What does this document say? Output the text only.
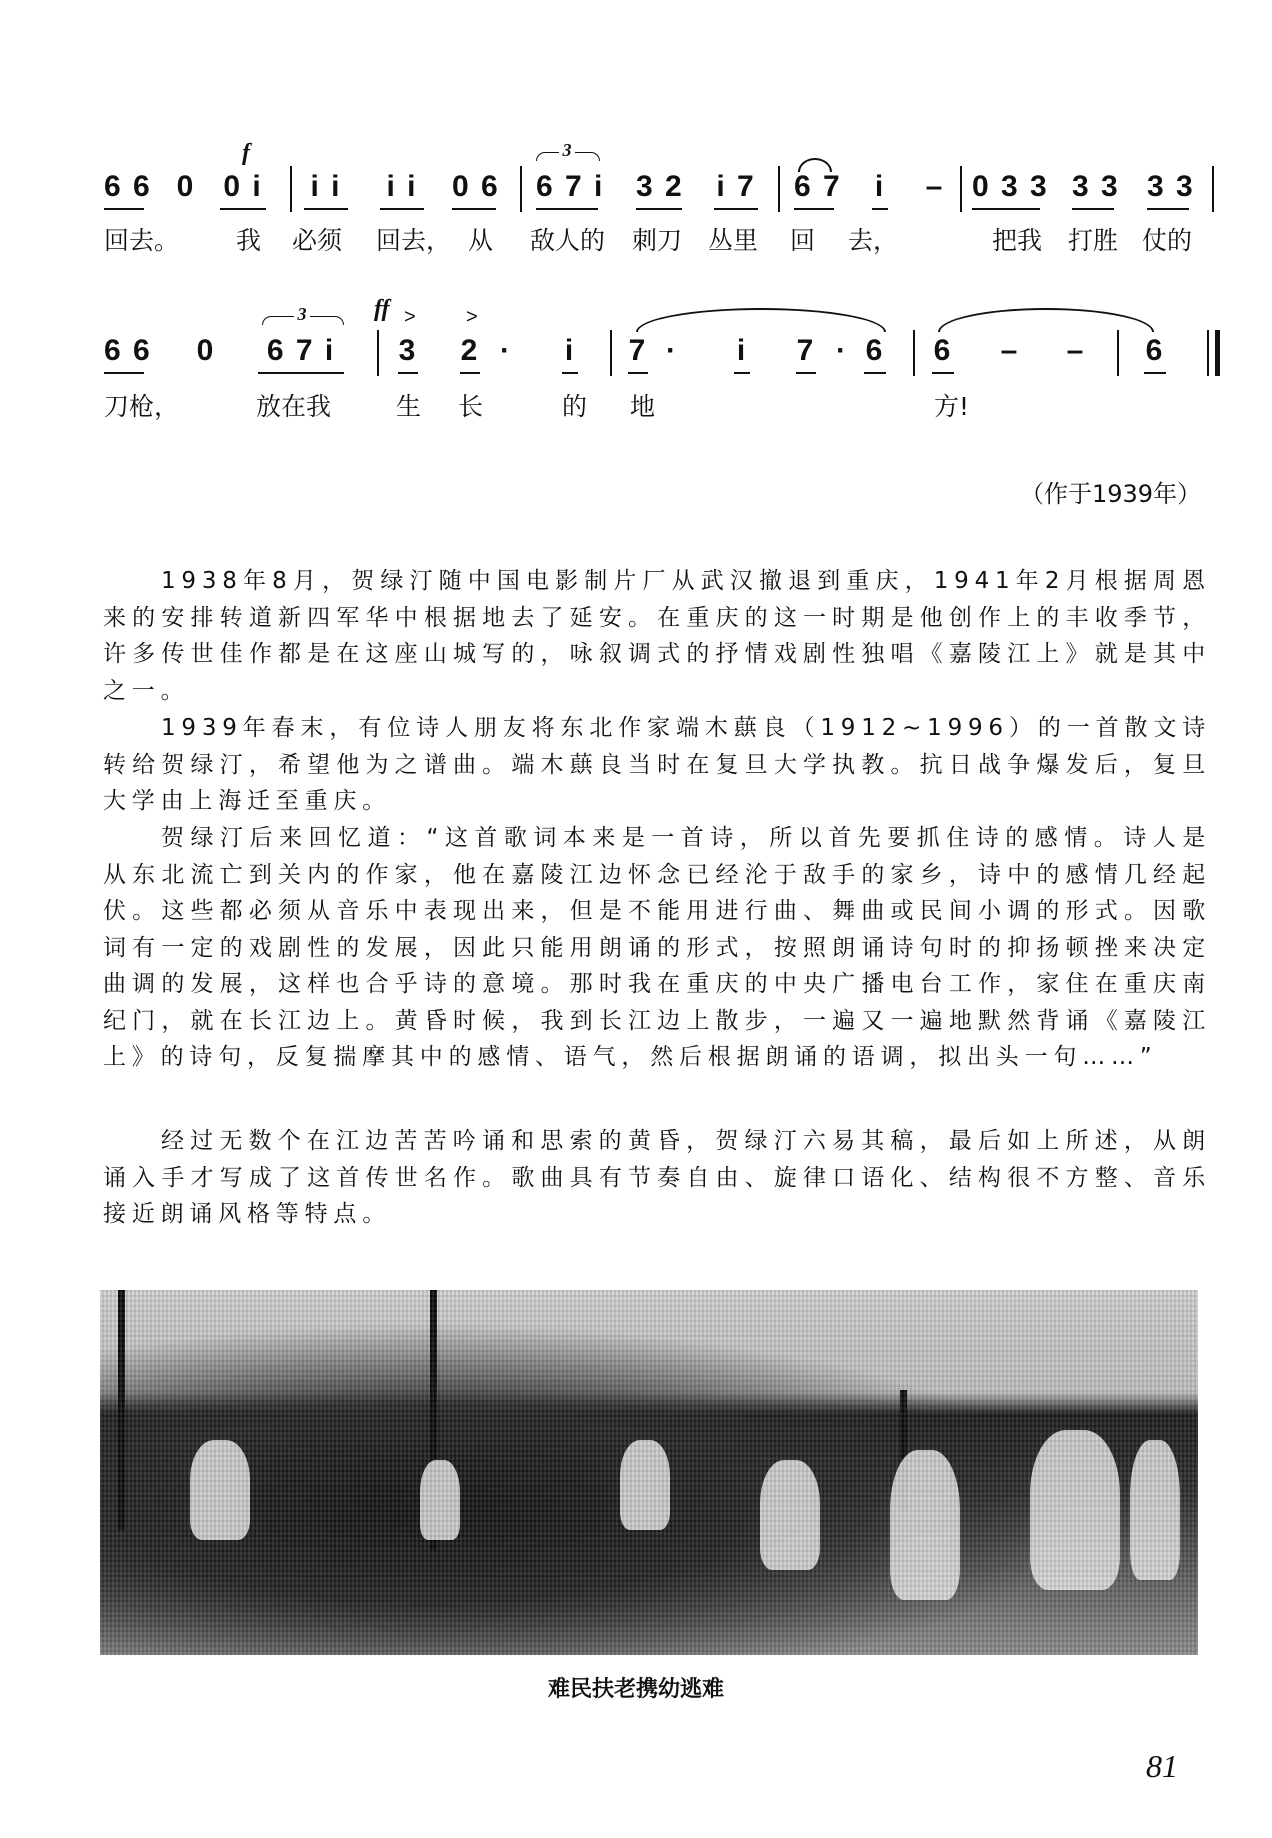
6 6 0 0 i i i i i 0 6 6 7 i 3 2 i 7 6 7 i – 0 3 3 3 3 3 3
f	3
回去。 我 必须 回去， 从 敌人的 刺刀 丛里 回 去，	把我 打胜 仗的
6 6 0 6 7 i 3 2 · i 7 · i 7 · 6 6 – – 6
ff
3	>	>
刀枪，	放在我	生 长	的 地	方!
（作于1939年）

1938年8月，贺绿汀随中国电影制片厂从武汉撤退到重庆，1941年2月根据周恩来的安排转道新四军华中根据地去了延安。在重庆的这一时期是他创作上的丰收季节，许多传世佳作都是在这座山城写的，咏叙调式的抒情戏剧性独唱《嘉陵江上》就是其中之一。

1939年春末，有位诗人朋友将东北作家端木蕻良（1912~1996）的一首散文诗转给贺绿汀，希望他为之谱曲。端木蕻良当时在复旦大学执教。抗日战争爆发后，复旦大学由上海迁至重庆。

贺绿汀后来回忆道：“这首歌词本来是一首诗，所以首先要抓住诗的感情。诗人是从东北流亡到关内的作家，他在嘉陵江边怀念已经沦于敌手的家乡，诗中的感情几经起伏。这些都必须从音乐中表现出来，但是不能用进行曲、舞曲或民间小调的形式。因歌词有一定的戏剧性的发展，因此只能用朗诵的形式，按照朗诵诗句时的抑扬顿挫来决定曲调的发展，这样也合乎诗的意境。那时我在重庆的中央广播电台工作，家住在重庆南纪门，就在长江边上。黄昏时候，我到长江边上散步，一遍又一遍地默然背诵《嘉陵江上》的诗句，反复揣摩其中的感情、语气，然后根据朗诵的语调，拟出头一句……”

经过无数个在江边苦苦吟诵和思索的黄昏，贺绿汀六易其稿，最后如上所述，从朗诵入手才写成了这首传世名作。歌曲具有节奏自由、旋律口语化、结构很不方整、音乐接近朗诵风格等特点。

难民扶老携幼逃难
81
